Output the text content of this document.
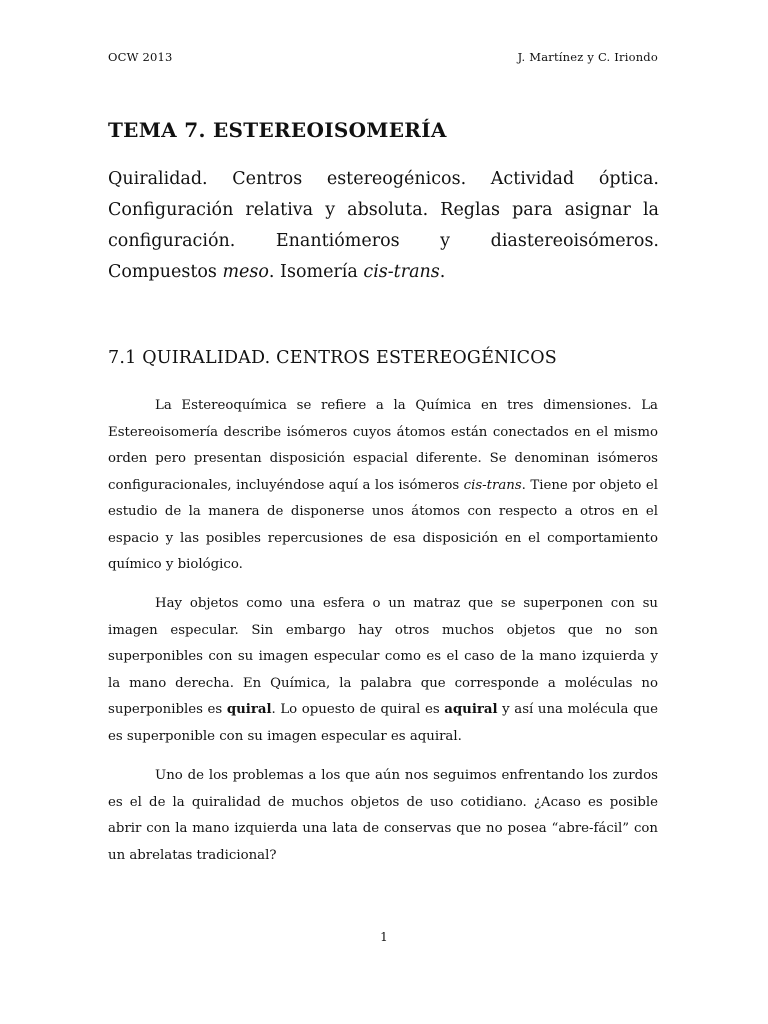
OCW 2013	J. Martínez y C. Iriondo
TEMA 7. ESTEREOISOMERÍA
Quiralidad. Centros estereogénicos. Actividad óptica. Configuración relativa y absoluta. Reglas para asignar la configuración. Enantiómeros y diastereoisómeros. Compuestos meso. Isomería cis-trans.
7.1 QUIRALIDAD. CENTROS ESTEREOGÉNICOS

La Estereoquímica se refiere a la Química en tres dimensiones. La Estereoisomería describe isómeros cuyos átomos están conectados en el mismo orden pero presentan disposición espacial diferente. Se denominan isómeros configuracionales, incluyéndose aquí a los isómeros cis-trans. Tiene por objeto el estudio de la manera de disponerse unos átomos con respecto a otros en el espacio y las posibles repercusiones de esa disposición en el comportamiento químico y biológico.

Hay objetos como una esfera o un matraz que se superponen con su imagen especular. Sin embargo hay otros muchos objetos que no son superponibles con su imagen especular como es el caso de la mano izquierda y la mano derecha. En Química, la palabra que corresponde a moléculas no superponibles es quiral. Lo opuesto de quiral es aquiral y así una molécula que es superponible con su imagen especular es aquiral.

Uno de los problemas a los que aún nos seguimos enfrentando los zurdos es el de la quiralidad de muchos objetos de uso cotidiano. ¿Acaso es posible abrir con la mano izquierda una lata de conservas que no posea “abre-fácil” con un abrelatas tradicional?

1
